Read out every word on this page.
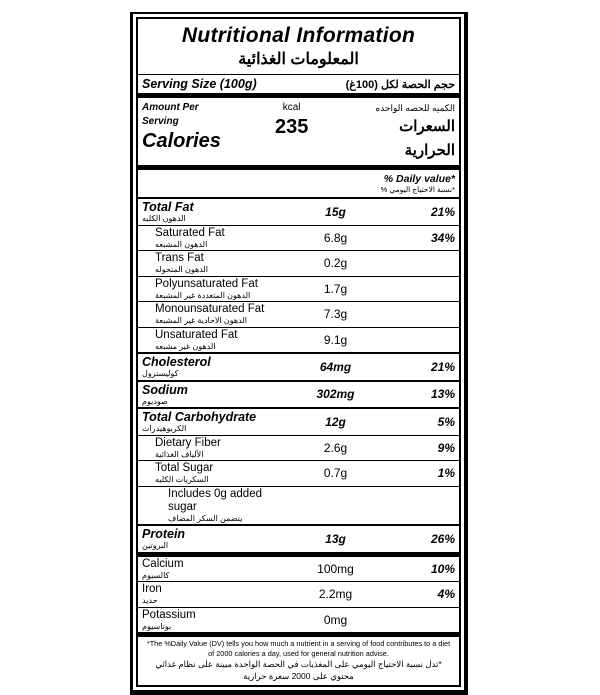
Nutritional Information
المعلومات الغذائية
Serving Size (100g)	حجم الحصة لكل (100غ)
Amount Per Serving
Calories
kcal
235
الكميه للحصه الواحده
السعرات الحرارية
% Daily value*
*نسبة الاحتياج اليومي %
Total Fat
الدهون الكليه	15g	21%
Saturated Fat
الدهون المشبعه	6.8g	34%
Trans Fat
الدهون المتحوله	0.2g
Polyunsaturated Fat
الدهون المتعددة غير المشبعة	1.7g
Monounsaturated Fat
الدهون الاحادية غير المشبعة	7.3g
Unsaturated Fat
الدهون غير مشبعه	9.1g
Cholesterol
كوليسترول	64mg	21%
Sodium
صوديوم	302mg	13%
Total Carbohydrate
الكربوهيدرات	12g	5%
Dietary Fiber
الألياف الغذائية	2.6g	9%
Total Sugar
السكريات الكليه	0.7g	1%
Includes 0g added sugar
يتضمن السكر المضاف
Protein
البروتين	13g	26%
Calcium
كالسيوم	100mg	10%
Iron
حديد	2.2mg	4%
Potassium
بوتاسيوم	0mg
*The %Daily Value (DV) tells you how much a nutrient in a serving of food contributes to a diet of 2000 calories a day, used for general nutrition advise.
*تدل نسبة الاحتياج اليومي على المغذيات في الحصة الواحدة مبينة على نظام غذائي محتوي على 2000 سعرة حرارية
